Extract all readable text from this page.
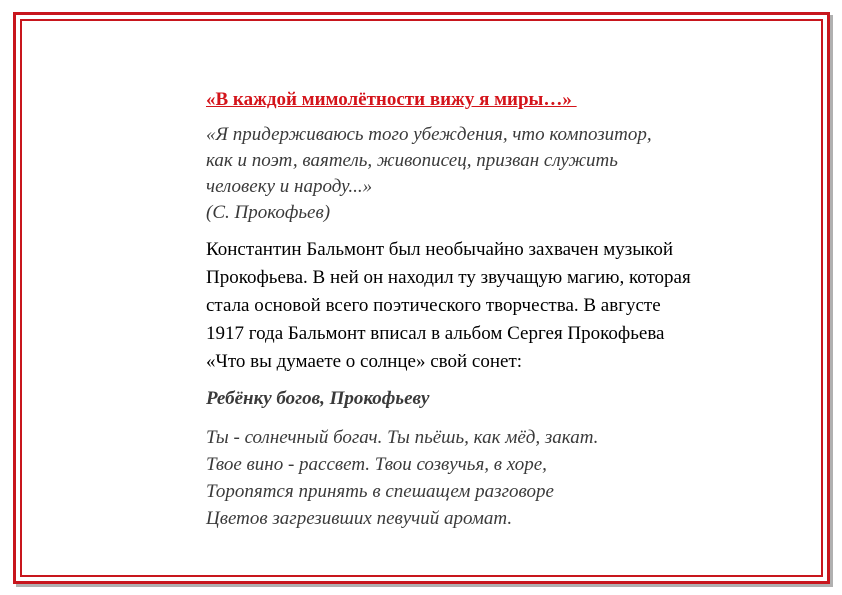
«В каждой мимолётности вижу я миры…»
«Я придерживаюсь того убеждения, что композитор,
как и поэт, ваятель, живописец, призван служить
человеку и народу...»
(С. Прокофьев)
Константин Бальмонт был необычайно захвачен музыкой
Прокофьева. В ней он находил ту звучащую магию, которая
стала основой всего поэтического творчества. В августе
1917 года Бальмонт вписал в альбом Сергея Прокофьева
«Что вы думаете о солнце» свой сонет:
Ребёнку богов, Прокофьеву
Ты - солнечный богач. Ты пьёшь, как мёд, закат.
Твое вино - рассвет. Твои созвучья, в хоре,
Торопятся принять в спешащем разговоре
Цветов загрезивших певучий аромат.
